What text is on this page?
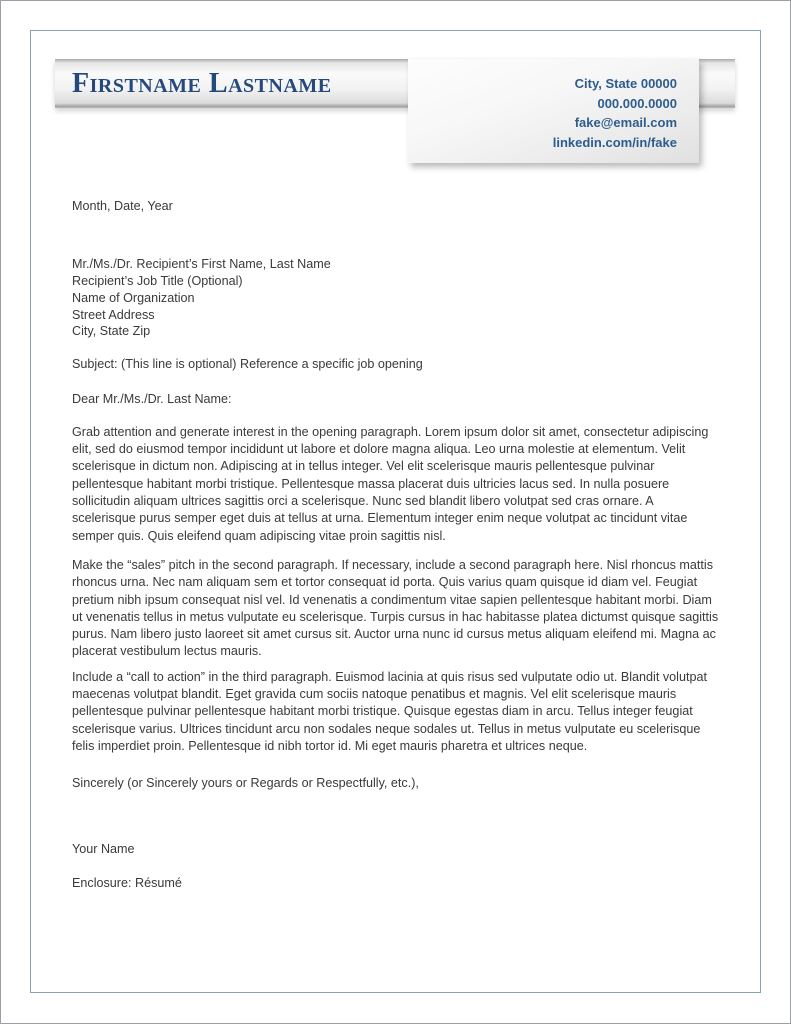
Firstname Lastname	City, State 00000
000.000.0000
fake@email.com
linkedin.com/in/fake

Month, Date, Year

Mr./Ms./Dr. Recipient’s First Name, Last Name
Recipient’s Job Title (Optional)
Name of Organization
Street Address
City, State Zip

Subject: (This line is optional) Reference a specific job opening

Dear Mr./Ms./Dr. Last Name:

Grab attention and generate interest in the opening paragraph. Lorem ipsum dolor sit amet, consectetur adipiscing elit, sed do eiusmod tempor incididunt ut labore et dolore magna aliqua. Leo urna molestie at elementum. Velit scelerisque in dictum non. Adipiscing at in tellus integer. Vel elit scelerisque mauris pellentesque pulvinar pellentesque habitant morbi tristique. Pellentesque massa placerat duis ultricies lacus sed. In nulla posuere sollicitudin aliquam ultrices sagittis orci a scelerisque. Nunc sed blandit libero volutpat sed cras ornare. A scelerisque purus semper eget duis at tellus at urna. Elementum integer enim neque volutpat ac tincidunt vitae semper quis. Quis eleifend quam adipiscing vitae proin sagittis nisl.

Make the “sales” pitch in the second paragraph. If necessary, include a second paragraph here. Nisl rhoncus mattis rhoncus urna. Nec nam aliquam sem et tortor consequat id porta. Quis varius quam quisque id diam vel. Feugiat pretium nibh ipsum consequat nisl vel. Id venenatis a condimentum vitae sapien pellentesque habitant morbi. Diam ut venenatis tellus in metus vulputate eu scelerisque. Turpis cursus in hac habitasse platea dictumst quisque sagittis purus. Nam libero justo laoreet sit amet cursus sit. Auctor urna nunc id cursus metus aliquam eleifend mi. Magna ac placerat vestibulum lectus mauris.

Include a “call to action” in the third paragraph. Euismod lacinia at quis risus sed vulputate odio ut. Blandit volutpat maecenas volutpat blandit. Eget gravida cum sociis natoque penatibus et magnis. Vel elit scelerisque mauris pellentesque pulvinar pellentesque habitant morbi tristique. Quisque egestas diam in arcu. Tellus integer feugiat scelerisque varius. Ultrices tincidunt arcu non sodales neque sodales ut. Tellus in metus vulputate eu scelerisque felis imperdiet proin. Pellentesque id nibh tortor id. Mi eget mauris pharetra et ultrices neque.

Sincerely (or Sincerely yours or Regards or Respectfully, etc.),

Your Name

Enclosure: Résumé
